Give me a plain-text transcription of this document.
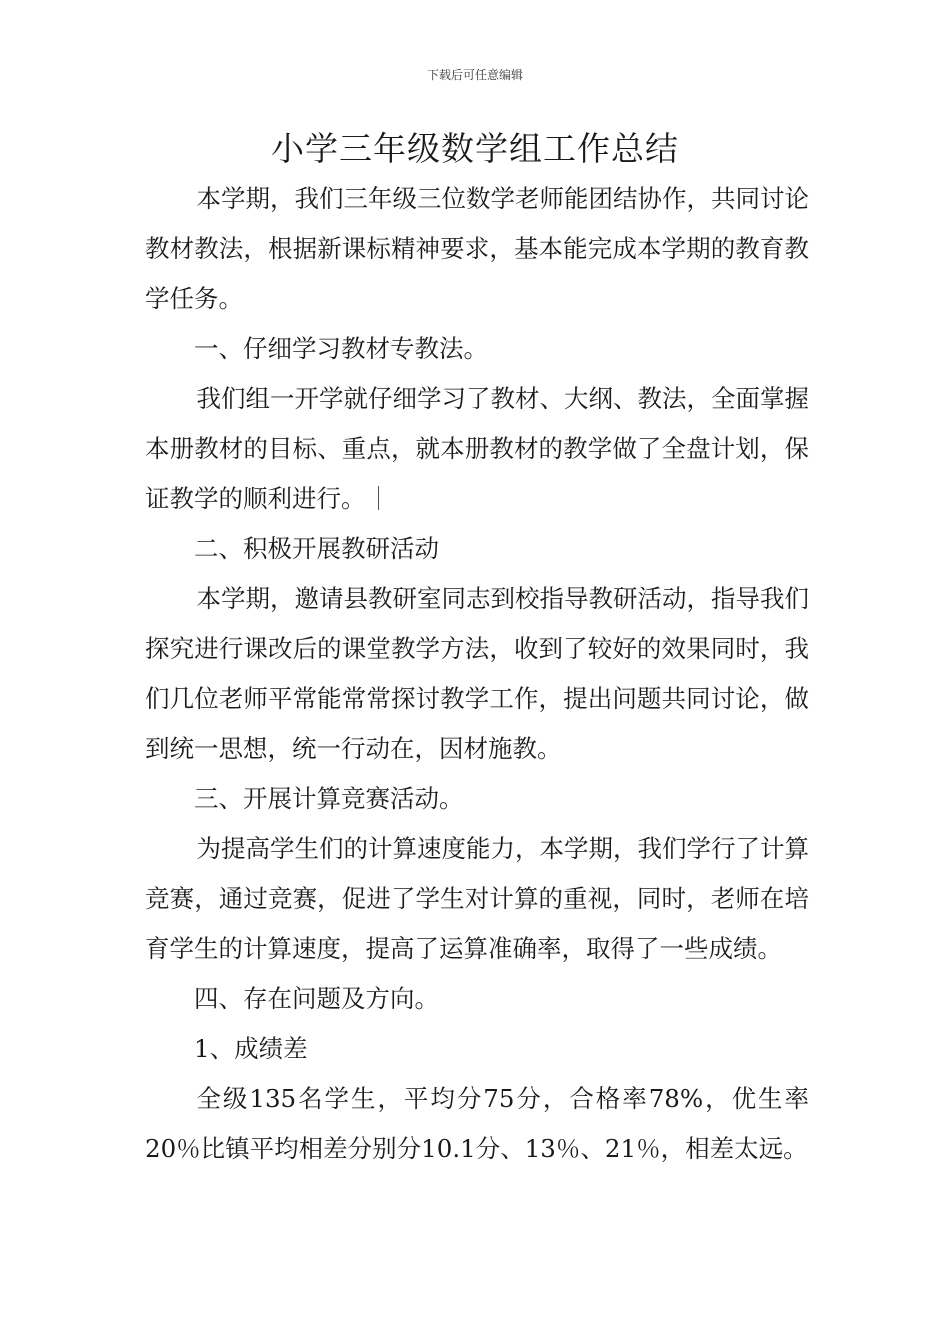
下载后可任意编辑
小学三年级数学组工作总结

本学期，我们三年级三位数学老师能团结协作，共同讨论教材教法，根据新课标精神要求，基本能完成本学期的教育教学任务。

一、仔细学习教材专教法。

我们组一开学就仔细学习了教材、大纲、教法，全面掌握本册教材的目标、重点，就本册教材的教学做了全盘计划，保证教学的顺利进行。

二、积极开展教研活动

本学期，邀请县教研室同志到校指导教研活动，指导我们探究进行课改后的课堂教学方法，收到了较好的效果同时，我们几位老师平常能常常探讨教学工作，提出问题共同讨论，做到统一思想，统一行动在，因材施教。

三、开展计算竞赛活动。

为提高学生们的计算速度能力，本学期，我们学行了计算竞赛，通过竞赛，促进了学生对计算的重视，同时，老师在培育学生的计算速度，提高了运算准确率，取得了一些成绩。

四、存在问题及方向。

1、成绩差

全级135名学生，平均分75分，合格率78%，优生率20％比镇平均相差分别分10.1分、13％、21％，相差太远。
